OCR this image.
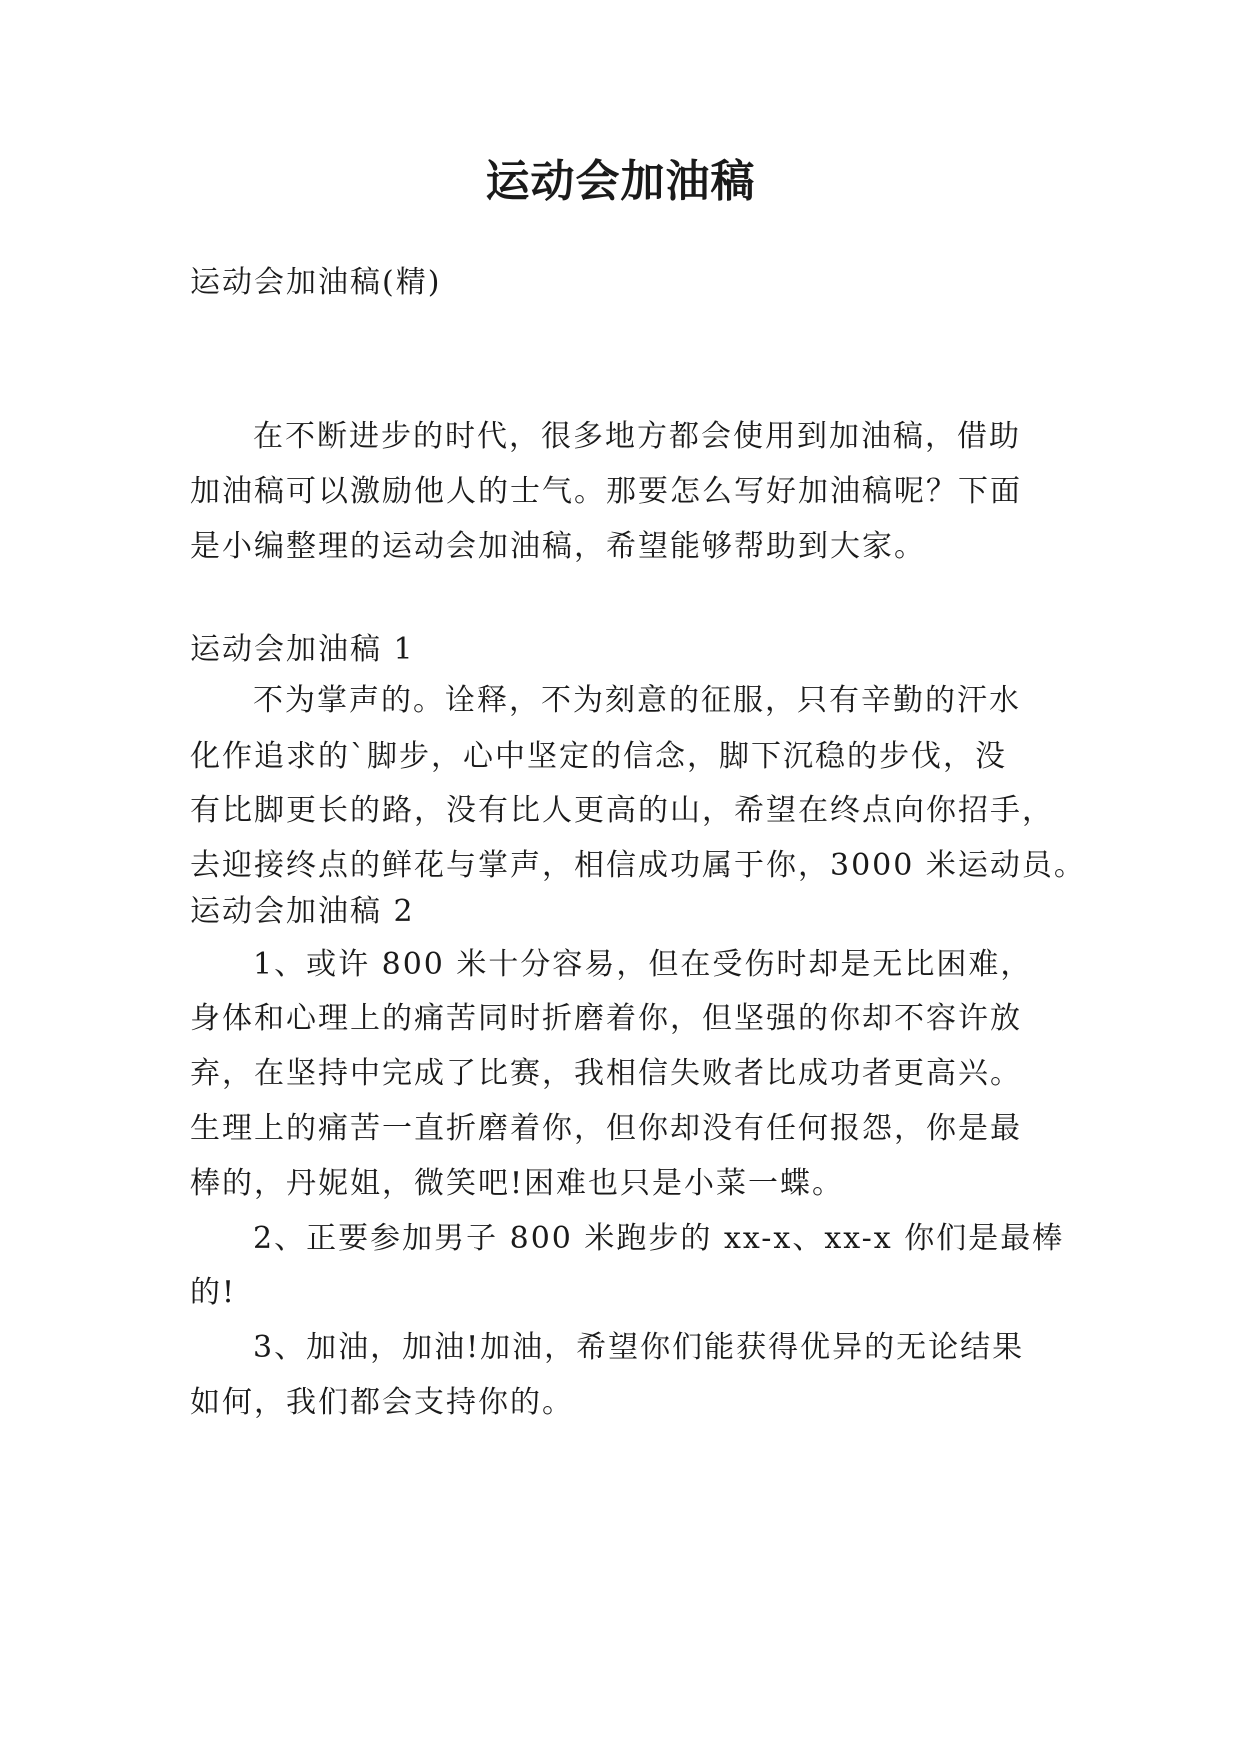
运动会加油稿
运动会加油稿(精)
在不断进步的时代，很多地方都会使用到加油稿，借助
加油稿可以激励他人的士气。那要怎么写好加油稿呢？下面
是小编整理的运动会加油稿，希望能够帮助到大家。
运动会加油稿 1
不为掌声的。诠释，不为刻意的征服，只有辛勤的汗水
化作追求的`脚步，心中坚定的信念，脚下沉稳的步伐，没
有比脚更长的路，没有比人更高的山，希望在终点向你招手，
去迎接终点的鲜花与掌声，相信成功属于你，3000 米运动员。
运动会加油稿 2
1、或许 800 米十分容易，但在受伤时却是无比困难，
身体和心理上的痛苦同时折磨着你，但坚强的你却不容许放
弃，在坚持中完成了比赛，我相信失败者比成功者更高兴。
生理上的痛苦一直折磨着你，但你却没有任何报怨，你是最
棒的，丹妮姐，微笑吧!困难也只是小菜一蝶。
2、正要参加男子 800 米跑步的 xx-x、xx-x 你们是最棒
的!
3、加油，加油!加油，希望你们能获得优异的无论结果
如何，我们都会支持你的。
